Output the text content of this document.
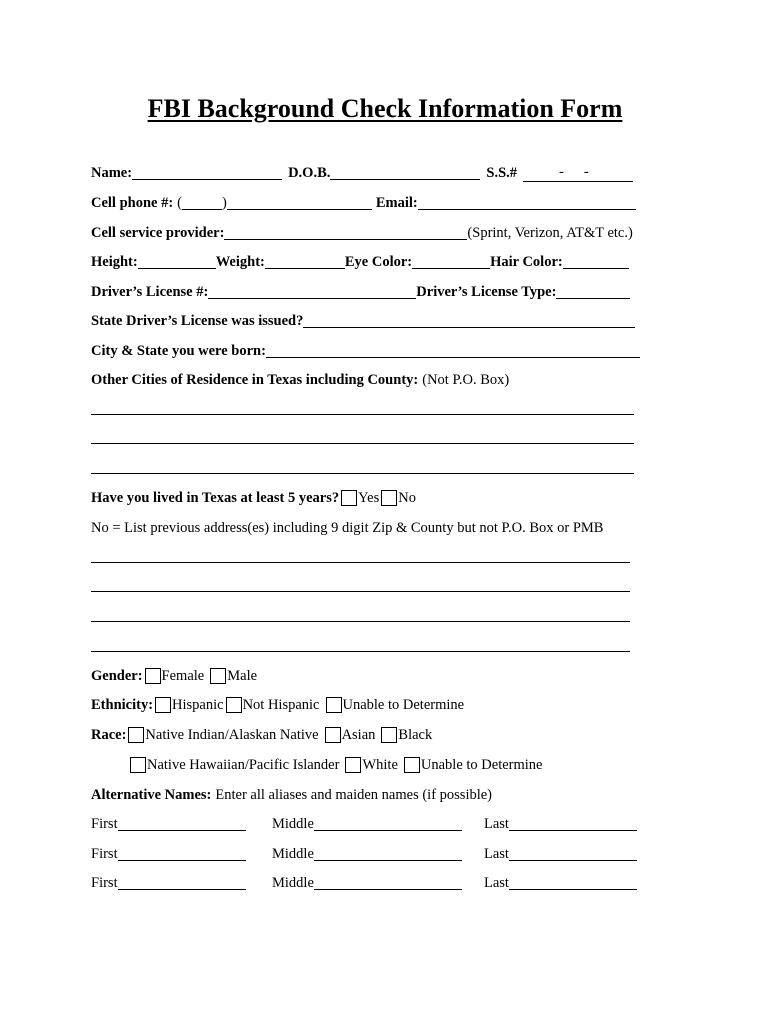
FBI Background Check Information Form
Name:	D.O.B.	S.S.#	- -
Cell phone #: (	)	Email:
Cell service provider:	(Sprint, Verizon, AT&T etc.)
Height:	Weight:	Eye Color:	Hair Color:
Driver’s License #:	Driver’s License Type:
State Driver’s License was issued?
City & State you were born:
Other Cities of Residence in Texas including County: (Not P.O. Box)
Have you lived in Texas at least 5 years? Yes No
No = List previous address(es) including 9 digit Zip & County but not P.O. Box or PMB
Gender: Female Male
Ethnicity: Hispanic Not Hispanic Unable to Determine
Race: Native Indian/Alaskan Native Asian Black
Native Hawaiian/Pacific Islander White Unable to Determine
Alternative Names: Enter all aliases and maiden names (if possible)
First	Middle	Last
First	Middle	Last
First	Middle	Last
